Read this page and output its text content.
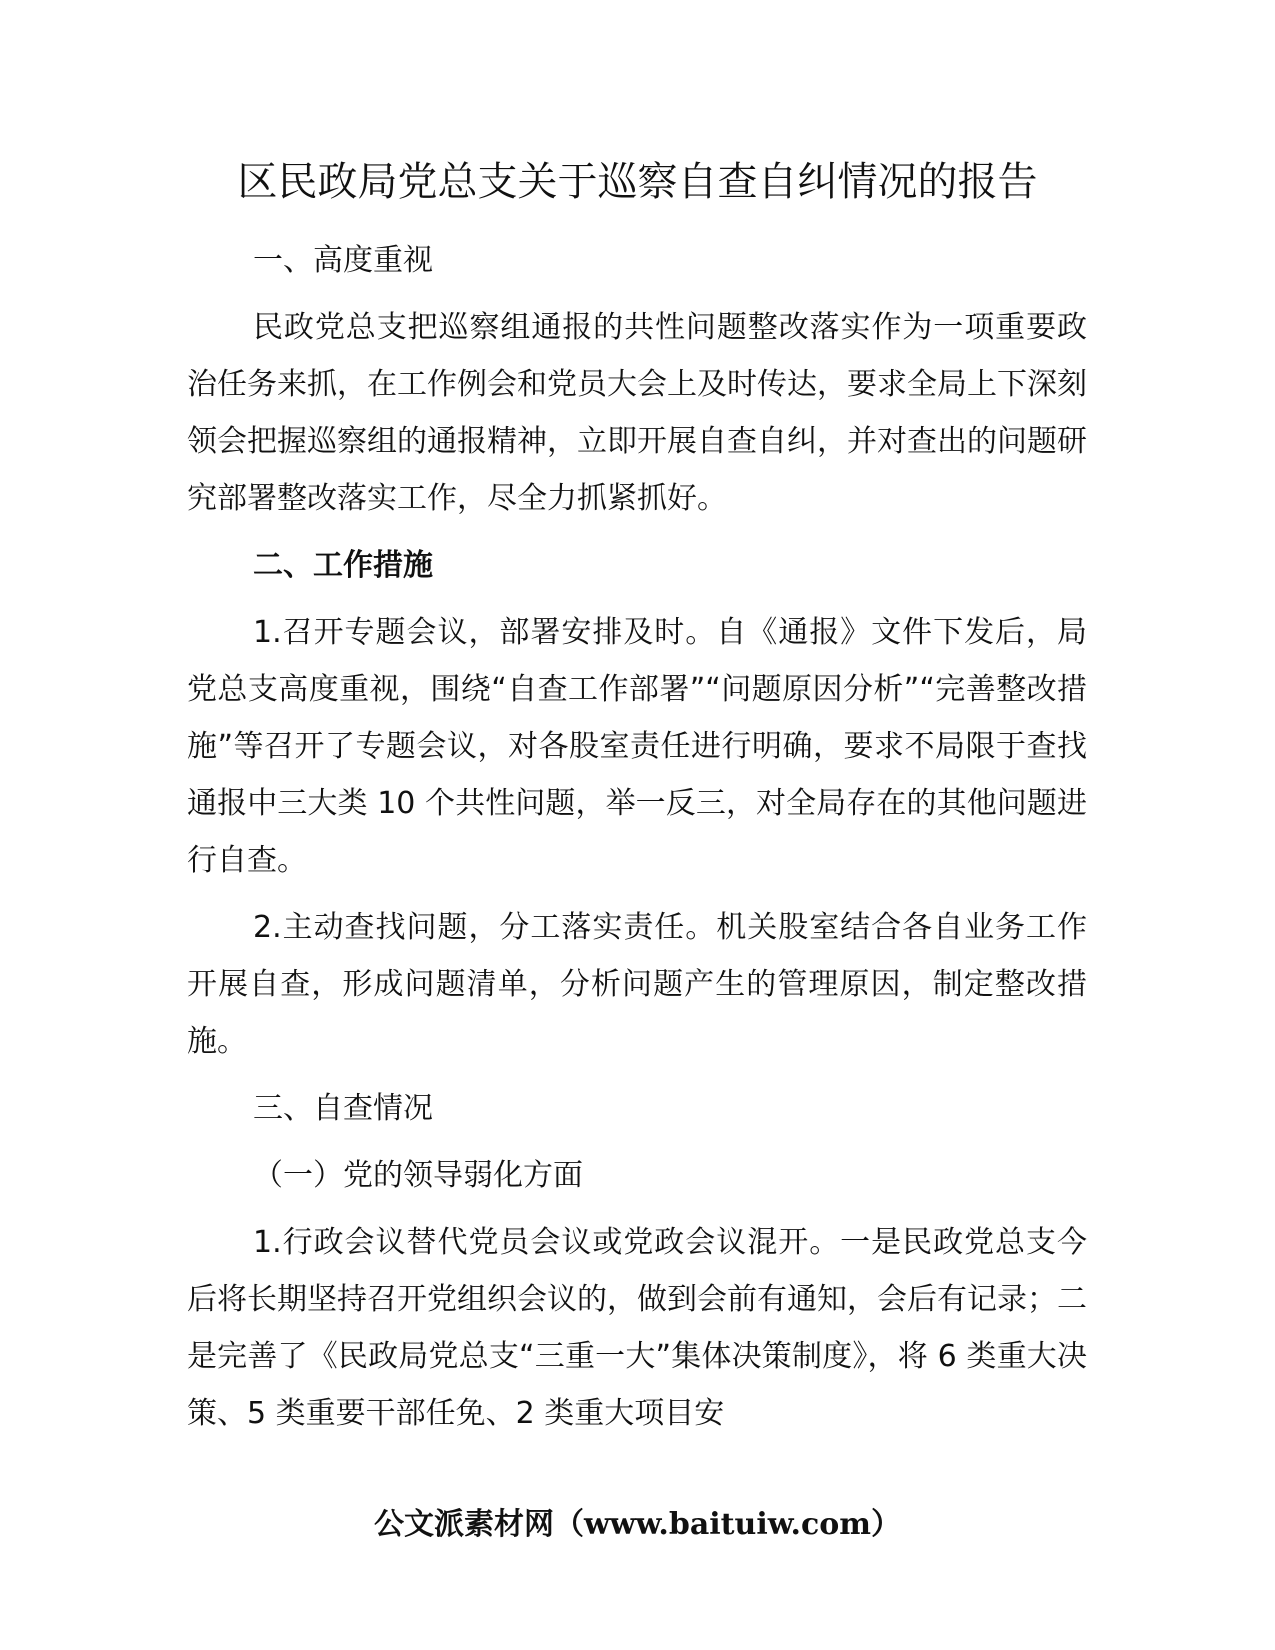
区民政局党总支关于巡察自查自纠情况的报告

一、高度重视

民政党总支把巡察组通报的共性问题整改落实作为一项重要政治任务来抓，在工作例会和党员大会上及时传达，要求全局上下深刻领会把握巡察组的通报精神，立即开展自查自纠，并对查出的问题研究部署整改落实工作，尽全力抓紧抓好。

二、工作措施

1.召开专题会议，部署安排及时。自《通报》文件下发后，局党总支高度重视，围绕“自查工作部署”“问题原因分析”“完善整改措施”等召开了专题会议，对各股室责任进行明确，要求不局限于查找通报中三大类 10 个共性问题，举一反三，对全局存在的其他问题进行自查。

2.主动查找问题，分工落实责任。机关股室结合各自业务工作开展自查，形成问题清单，分析问题产生的管理原因，制定整改措施。

三、自查情况

（一）党的领导弱化方面

1.行政会议替代党员会议或党政会议混开。一是民政党总支今后将长期坚持召开党组织会议的，做到会前有通知，会后有记录；二是完善了《民政局党总支“三重一大”集体决策制度》，将 6 类重大决策、5 类重要干部任免、2 类重大项目安

公文派素材网（www.baituiw.com）
